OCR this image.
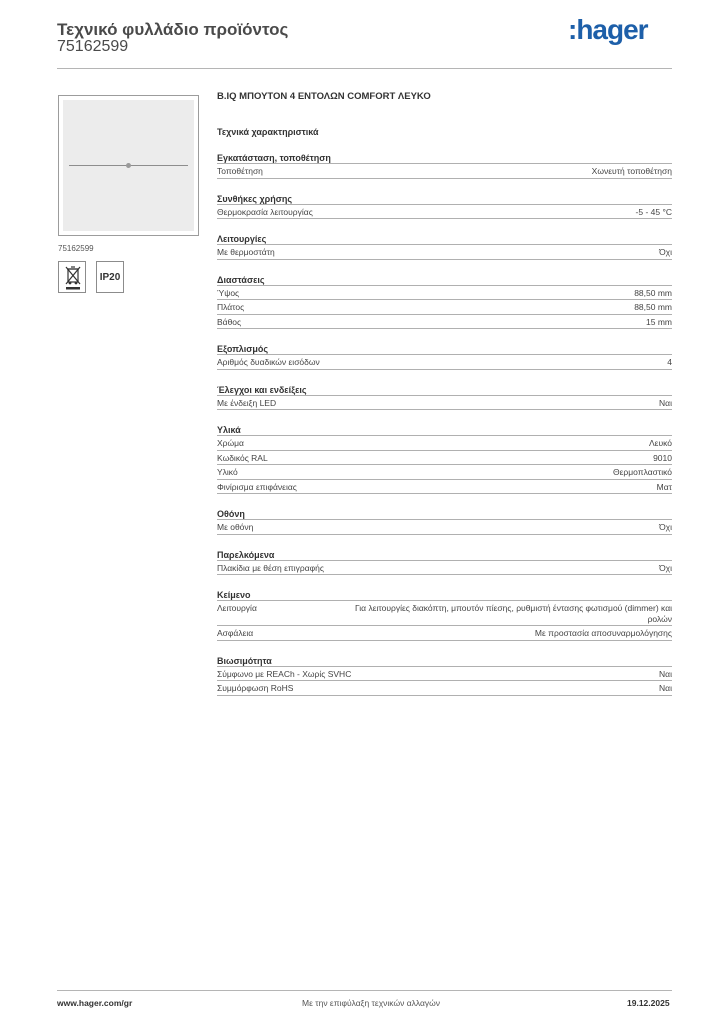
Τεχνικό φυλλάδιο προϊόντος
75162599
:hager
75162599
IP20
B.IQ ΜΠΟΥΤΟΝ 4 ΕΝΤΟΛΩΝ COMFORT ΛΕΥΚΟ
Τεχνικά χαρακτηριστικά
Εγκατάσταση, τοποθέτηση
Τοποθέτηση	Χωνευτή τοποθέτηση
Συνθήκες χρήσης
Θερμοκρασία λειτουργίας	-5 - 45 °C
Λειτουργίες
Με θερμοστάτη	Όχι
Διαστάσεις
Ύψος	88,50 mm
Πλάτος	88,50 mm
Βάθος	15 mm
Εξοπλισμός
Αριθμός δυαδικών εισόδων	4
Έλεγχοι και ενδείξεις
Με ένδειξη LED	Ναι
Υλικά
Χρώμα	Λευκό
Κωδικός RAL	9010
Υλικό	Θερμοπλαστικό
Φινίρισμα επιφάνειας	Ματ
Οθόνη
Με οθόνη	Όχι
Παρελκόμενα
Πλακίδια με θέση επιγραφής	Όχι
Κείμενο
Λειτουργία	Για λειτουργίες διακόπτη, μπουτόν πίεσης, ρυθμιστή έντασης φωτισμού (dimmer) και ρολών
Ασφάλεια	Με προστασία αποσυναρμολόγησης
Βιωσιμότητα
Σύμφωνο με REACh - Χωρίς SVHC	Ναι
Συμμόρφωση RoHS	Ναι
www.hager.com/gr	Με την επιφύλαξη τεχνικών αλλαγών	19.12.2025
